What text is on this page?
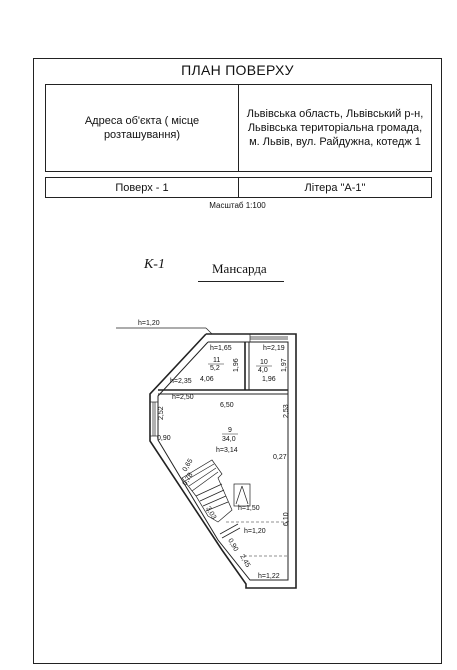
ПЛАН ПОВЕРХУ
Адреса об'єкта ( місце розташування)	Львівська область, Львівський р-н, Львівська територіальна громада, м. Львів, вул. Райдужна, котедж 1
Поверх - 1	Літера "А-1"
Масштаб 1:100
К-1	Мансарда
h=1,20
h=1,65	h=2,19
11
5,2
10
4,0
1,96	1,97
h=2,35 4,06	1,96
h=2,50
6,50
2,52	2,53
0,90
9
34,0
h=3,14
0,27
0,65
0,78
3,03	h=1,50
6,10
h=1,20
0,90
2,45
h=1,22
